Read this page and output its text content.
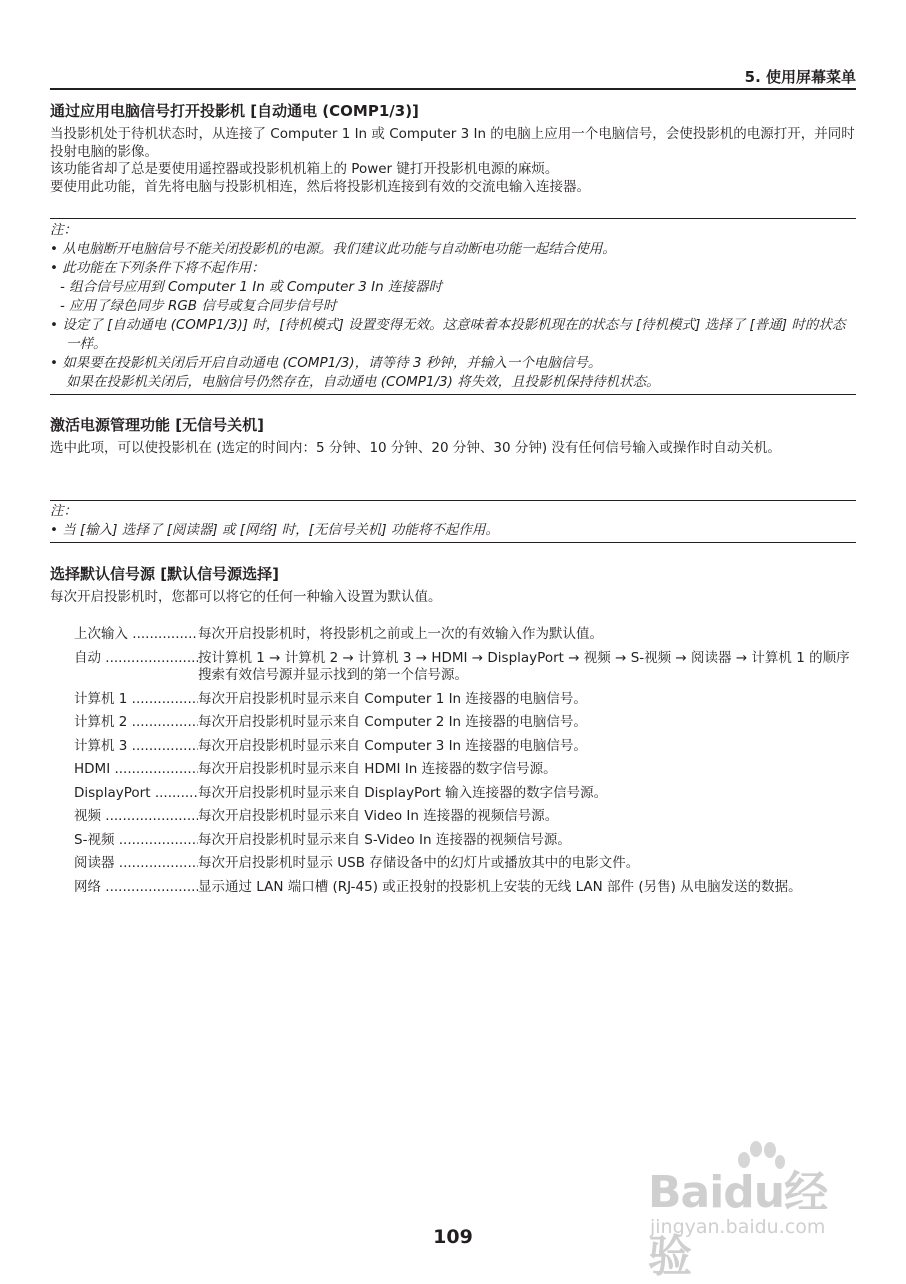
5. 使用屏幕菜单
通过应用电脑信号打开投影机 [自动通电 (COMP1/3)]

当投影机处于待机状态时，从连接了 Computer 1 In 或 Computer 3 In 的电脑上应用一个电脑信号，会使投影机的电源打开，并同时投射电脑的影像。

该功能省却了总是要使用遥控器或投影机机箱上的 Power 键打开投影机电源的麻烦。

要使用此功能，首先将电脑与投影机相连，然后将投影机连接到有效的交流电输入连接器。

注：

• 从电脑断开电脑信号不能关闭投影机的电源。我们建议此功能与自动断电功能一起结合使用。
• 此功能在下列条件下将不起作用：
- 组合信号应用到 Computer 1 In 或 Computer 3 In 连接器时
- 应用了绿色同步 RGB 信号或复合同步信号时
• 设定了 [自动通电 (COMP1/3)] 时，[待机模式] 设置变得无效。这意味着本投影机现在的状态与 [待机模式] 选择了 [普通] 时的状态一样。
• 如果要在投影机关闭后开启自动通电 (COMP1/3)，请等待 3 秒钟，并输入一个电脑信号。
如果在投影机关闭后，电脑信号仍然存在，自动通电 (COMP1/3) 将失效，且投影机保持待机状态。
激活电源管理功能 [无信号关机]

选中此项，可以使投影机在 (选定的时间内：5 分钟、10 分钟、20 分钟、30 分钟) 没有任何信号输入或操作时自动关机。

注：

• 当 [输入] 选择了 [阅读器] 或 [网络] 时，[无信号关机] 功能将不起作用。
选择默认信号源 [默认信号源选择]

每次开启投影机时，您都可以将它的任何一种输入设置为默认值。

上次输入 .....	每次开启投影机时，将投影机之前或上一次的有效输入作为默认值。
自动 .....	按计算机 1 → 计算机 2 → 计算机 3 → HDMI → DisplayPort → 视频 → S-视频 → 阅读器 → 计算机 1 的顺序搜索有效信号源并显示找到的第一个信号源。
计算机 1 .....	每次开启投影机时显示来自 Computer 1 In 连接器的电脑信号。
计算机 2 .....	每次开启投影机时显示来自 Computer 2 In 连接器的电脑信号。
计算机 3 .....	每次开启投影机时显示来自 Computer 3 In 连接器的电脑信号。
HDMI .....	每次开启投影机时显示来自 HDMI In 连接器的数字信号源。
DisplayPort .....	每次开启投影机时显示来自 DisplayPort 输入连接器的数字信号源。
视频 .....	每次开启投影机时显示来自 Video In 连接器的视频信号源。
S-视频 .....	每次开启投影机时显示来自 S-Video In 连接器的视频信号源。
阅读器 .....	每次开启投影机时显示 USB 存储设备中的幻灯片或播放其中的电影文件。
网络 .....	显示通过 LAN 端口槽 (RJ-45) 或正投射的投影机上安装的无线 LAN 部件 (另售) 从电脑发送的数据。
Baidu经验
jingyan.baidu.com
109
